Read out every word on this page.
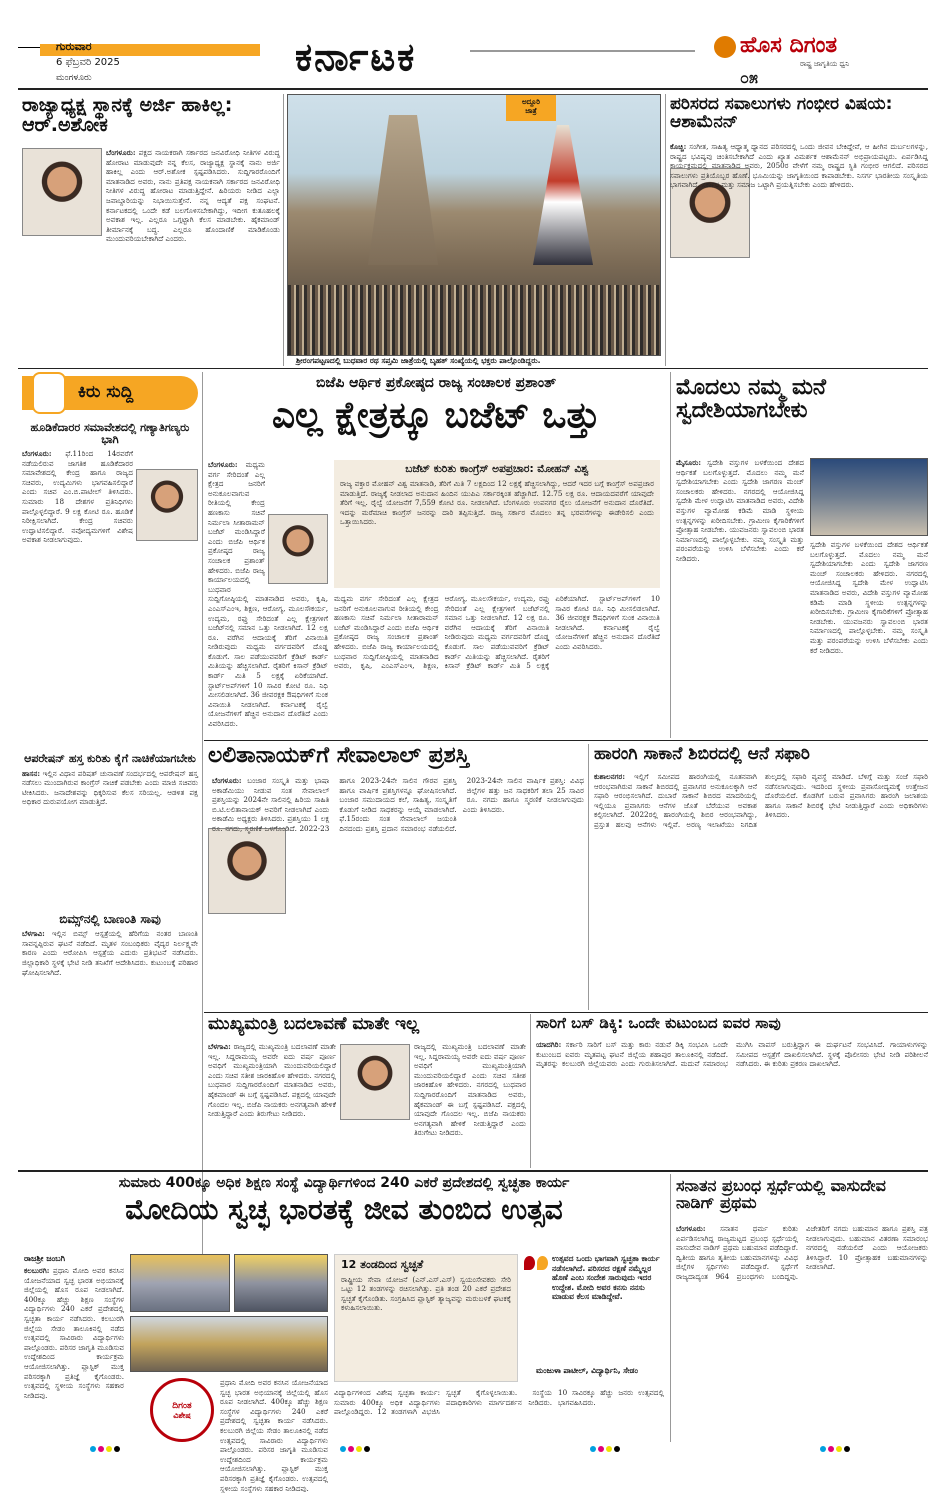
ಗುರುವಾರ
6 ಫೆಬ್ರವರಿ 2025
ಮಂಗಳೂರು	ಕರ್ನಾಟಕ	ಹೊಸ ದಿಗಂತ
ರಾಷ್ಟ್ರ ಜಾಗೃತಿಯ ಧ್ವನಿ
೦೫
ರಾಜ್ಯಾಧ್ಯಕ್ಷ ಸ್ಥಾನಕ್ಕೆ ಅರ್ಜಿ ಹಾಕಿಲ್ಲ: ಆರ್.ಅಶೋಕ
ಬೆಂಗಳೂರು: ಪಕ್ಷದ ನಾಯಕರಾಗಿ ಸರ್ಕಾರದ ಜನವಿರೋಧಿ ನೀತಿಗಳ ವಿರುದ್ಧ ಹೋರಾಟ ಮಾಡುವುದೇ ನನ್ನ ಕೆಲಸ, ರಾಜ್ಯಾಧ್ಯಕ್ಷ ಸ್ಥಾನಕ್ಕೆ ನಾನು ಅರ್ಜಿ ಹಾಕಿಲ್ಲ ಎಂದು ಆರ್.ಅಶೋಕ ಸ್ಪಷ್ಟಪಡಿಸಿದರು. ಸುದ್ದಿಗಾರರೊಂದಿಗೆ ಮಾತನಾಡಿದ ಅವರು, ನಾನು ಪ್ರತಿಪಕ್ಷ ನಾಯಕನಾಗಿ ಸರ್ಕಾರದ ಜನವಿರೋಧಿ ನೀತಿಗಳ ವಿರುದ್ಧ ಹೋರಾಟ ಮಾಡುತ್ತಿದ್ದೇನೆ. ಹಿರಿಯರು ನೀಡಿದ ಎಲ್ಲಾ ಜವಾಬ್ದಾರಿಯನ್ನು ನಿಭಾಯಿಸುತ್ತೇನೆ. ನನ್ನ ಆದ್ಯತೆ ಪಕ್ಷ ಸಂಘಟನೆ. ಕರ್ನಾಟಕದಲ್ಲಿ ಒಂದೇ ಕಡೆ ಬಲಗೊಳಿಸಬೇಕಾಗಿದ್ದು, ಇದೀಗ ಕುತೂಹಲಕ್ಕೆ ಅವಕಾಶ ಇಲ್ಲ. ಎಲ್ಲರೂ ಒಗ್ಗಟ್ಟಾಗಿ ಕೆಲಸ ಮಾಡಬೇಕು. ಹೈಕಮಾಂಡ್ ತೀರ್ಮಾನಕ್ಕೆ ಬದ್ಧ. ಎಲ್ಲರೂ ಹೊಂದಾಣಿಕೆ ಮಾಡಿಕೊಂಡು ಮುಂದುವರಿಯಬೇಕಾಗಿದೆ ಎಂದರು.
ಅದ್ದೂರಿ
ಜಾತ್ರೆ
ಶ್ರೀರಂಗಪಟ್ಟಣದಲ್ಲಿ ಬುಧವಾರ ರಥ ಸಪ್ತಮಿ ಜಾತ್ರೆಯಲ್ಲಿ ಬೃಹತ್ ಸಂಖ್ಯೆಯಲ್ಲಿ ಭಕ್ತರು ಪಾಲ್ಗೊಂಡಿದ್ದರು.
ಪರಿಸರದ ಸವಾಲುಗಳು ಗಂಭೀರ ವಿಷಯ: ಆಶಾಮೆನನ್
ಕೊಚ್ಚಿ: ಸಂಗೀತ, ಸಾಹಿತ್ಯ ಆಧ್ಯಾತ್ಮ ಧ್ಯಾನದ ಪರಿಸರದಲ್ಲಿ ಒಂದು ಜೀವನ ಬೇಕಿದ್ದೇವೆ, ಆ ಹೀಗಿನ ದುರ್ಬಲಗಳನ್ನು, ರಾಷ್ಟ್ರದ ಭವಿಷ್ಯವು ಚಿಂತಿಸಬೇಕಾಗಿದೆ ಎಂದು ಖ್ಯಾತ ವಿಮರ್ಶಕ ಆಶಾಮೆನನ್ ಅಭಿಪ್ರಾಯಪಟ್ಟರು. ಏರ್ಪಡಿಸಿದ್ದ ಕಾರ್ಯಕ್ರಮದಲ್ಲಿ ಮಾತನಾಡಿದ ಅವರು, 2050ರ ವೇಳೆಗೆ ನಮ್ಮ ರಾಷ್ಟ್ರದ ಸ್ಥಿತಿ ಗಂಭೀರ ಆಗಲಿದೆ. ಪರಿಸರದ ಸವಾಲುಗಳು ಪ್ರತಿಯೊಬ್ಬರ ಹೊಣೆ. ಭೂಮಿಯನ್ನು ಜಾಗೃತಿಯಿಂದ ಕಾಪಾಡಬೇಕು. ನಿಸರ್ಗ ಭಾರತೀಯ ಸಂಸ್ಕೃತಿಯ ಭಾಗವಾಗಿದೆ. ಸರ್ಕಾರ ಮತ್ತು ಸಮಾಜ ಒಟ್ಟಾಗಿ ಪ್ರಯತ್ನಿಸಬೇಕು ಎಂದು ಹೇಳಿದರು.
ಕಿರು ಸುದ್ದಿ
ಹೂಡಿಕೆದಾರರ ಸಮಾವೇಶದಲ್ಲಿ ಗಣ್ಯಾತಿಗಣ್ಯರು ಭಾಗಿ
ಬೆಂಗಳೂರು: ಫೆ.11ರಿಂದ 14ರವರೆಗೆ ನಡೆಯಲಿರುವ ಜಾಗತಿಕ ಹೂಡಿಕೆದಾರರ ಸಮಾವೇಶದಲ್ಲಿ ಕೇಂದ್ರ ಹಾಗೂ ರಾಜ್ಯದ ಸಚಿವರು, ಉದ್ಯಮಿಗಳು ಭಾಗವಹಿಸಲಿದ್ದಾರೆ ಎಂದು ಸಚಿವ ಎಂ.ಬಿ.ಪಾಟೀಲ್ ತಿಳಿಸಿದರು. ಸುಮಾರು 18 ದೇಶಗಳ ಪ್ರತಿನಿಧಿಗಳು ಪಾಲ್ಗೊಳ್ಳಲಿದ್ದಾರೆ. 9 ಲಕ್ಷ ಕೋಟಿ ರೂ. ಹೂಡಿಕೆ ನಿರೀಕ್ಷಿಸಲಾಗಿದೆ. ಕೇಂದ್ರ ಸಚಿವರು ಉದ್ಘಾಟಿಸಲಿದ್ದಾರೆ. ನವೋದ್ಯಮಗಳಿಗೆ ವಿಶೇಷ ಅವಕಾಶ ನೀಡಲಾಗುವುದು.
ಆಪರೇಷನ್ ಹಸ್ತ ಕುರಿತು ಕೈಗೆ ನಾಚಿಕೆಯಾಗಬೇಕು
ಹಾಸನ: ಇಲ್ಲಿನ ವಿಧಾನ ಪರಿಷತ್ ಚುನಾವಣೆ ಸಂದರ್ಭದಲ್ಲಿ ಆಪರೇಷನ್ ಹಸ್ತ ನಡೆಸಲು ಮುಂದಾಗಿರುವ ಕಾಂಗ್ರೆಸ್ ನಾಚಿಕೆ ಪಡಬೇಕು ಎಂದು ಮಾಜಿ ಸಚಿವರು ಟೀಕಿಸಿದರು. ಜನಾದೇಶವನ್ನು ಧಿಕ್ಕರಿಸುವ ಕೆಲಸ ಸರಿಯಲ್ಲ. ಆಡಳಿತ ಪಕ್ಷ ಅಧಿಕಾರ ದುರುಪಯೋಗ ಮಾಡುತ್ತಿದೆ.
ಬಿಮ್ಸ್‌ನಲ್ಲಿ ಬಾಣಂತಿ ಸಾವು
ಬೆಳಗಾವಿ: ಇಲ್ಲಿನ ಬಿಮ್ಸ್ ಆಸ್ಪತ್ರೆಯಲ್ಲಿ ಹೆರಿಗೆಯ ನಂತರ ಬಾಣಂತಿ ಸಾವನ್ನಪ್ಪಿರುವ ಘಟನೆ ನಡೆದಿದೆ. ಮೃತಳ ಸಂಬಂಧಿಕರು ವೈದ್ಯರ ನಿರ್ಲಕ್ಷ್ಯವೇ ಕಾರಣ ಎಂದು ಆರೋಪಿಸಿ ಆಸ್ಪತ್ರೆಯ ಎದುರು ಪ್ರತಿಭಟನೆ ನಡೆಸಿದರು. ಜಿಲ್ಲಾಧಿಕಾರಿ ಸ್ಥಳಕ್ಕೆ ಭೇಟಿ ನೀಡಿ ತನಿಖೆಗೆ ಆದೇಶಿಸಿದರು. ಕುಟುಂಬಕ್ಕೆ ಪರಿಹಾರ ಘೋಷಿಸಲಾಗಿದೆ.
ಬಿಜೆಪಿ ಆರ್ಥಿಕ ಪ್ರಕೋಷ್ಠದ ರಾಜ್ಯ ಸಂಚಾಲಕ ಪ್ರಶಾಂತ್
ಎಲ್ಲ ಕ್ಷೇತ್ರಕ್ಕೂ ಬಜೆಟ್ ಒತ್ತು
ಬೆಂಗಳೂರು: ಮಧ್ಯಮ ವರ್ಗ ಸೇರಿದಂತೆ ಎಲ್ಲ ಕ್ಷೇತ್ರದ ಜನರಿಗೆ ಅನುಕೂಲವಾಗುವ ರೀತಿಯಲ್ಲಿ ಕೇಂದ್ರ ಹಣಕಾಸು ಸಚಿವೆ ನಿರ್ಮಲಾ ಸೀತಾರಾಮನ್ ಬಜೆಟ್ ಮಂಡಿಸಿದ್ದಾರೆ ಎಂದು ಬಿಜೆಪಿ ಆರ್ಥಿಕ ಪ್ರಕೋಷ್ಠದ ರಾಜ್ಯ ಸಂಚಾಲಕ ಪ್ರಶಾಂತ್ ಹೇಳಿದರು. ಬಿಜೆಪಿ ರಾಜ್ಯ ಕಾರ್ಯಾಲಯದಲ್ಲಿ ಬುಧವಾರ ಸುದ್ದಿಗೋಷ್ಠಿಯಲ್ಲಿ ಮಾತನಾಡಿದ ಅವರು, ಕೃಷಿ, ಎಂಎಸ್‌ಎಂಇ, ಶಿಕ್ಷಣ, ಆರೋಗ್ಯ, ಮೂಲಸೌಕರ್ಯ, ಉದ್ಯಮ, ರಫ್ತು ಸೇರಿದಂತೆ ಎಲ್ಲ ಕ್ಷೇತ್ರಗಳಿಗೆ ಬಜೆಟ್‌ನಲ್ಲಿ ಸಮಾನ ಒತ್ತು ನೀಡಲಾಗಿದೆ. 12 ಲಕ್ಷ ರೂ. ವರೆಗಿನ ಆದಾಯಕ್ಕೆ ತೆರಿಗೆ ವಿನಾಯಿತಿ ನೀಡಿರುವುದು ಮಧ್ಯಮ ವರ್ಗದವರಿಗೆ ದೊಡ್ಡ ಕೊಡುಗೆ. ಸಾಲ ಪಡೆಯುವವರಿಗೆ ಕ್ರೆಡಿಟ್ ಕಾರ್ಡ್ ಮಿತಿಯನ್ನು ಹೆಚ್ಚಿಸಲಾಗಿದೆ. ರೈತರಿಗೆ ಕಿಸಾನ್ ಕ್ರೆಡಿಟ್ ಕಾರ್ಡ್ ಮಿತಿ 5 ಲಕ್ಷಕ್ಕೆ ಏರಿಕೆಯಾಗಿದೆ. ಸ್ಟಾರ್ಟ್‌ಅಪ್‌ಗಳಿಗೆ 10 ಸಾವಿರ ಕೋಟಿ ರೂ. ನಿಧಿ ಮೀಸಲಿಡಲಾಗಿದೆ. 36 ಜೀವರಕ್ಷಕ ಔಷಧಿಗಳಿಗೆ ಸುಂಕ ವಿನಾಯಿತಿ ನೀಡಲಾಗಿದೆ. ಕರ್ನಾಟಕಕ್ಕೆ ರೈಲ್ವೆ ಯೋಜನೆಗಳಿಗೆ ಹೆಚ್ಚಿನ ಅನುದಾನ ದೊರೆತಿದೆ ಎಂದು ವಿವರಿಸಿದರು.
ಬಜೆಟ್ ಕುರಿತು ಕಾಂಗ್ರೆಸ್ ಅಪಪ್ರಚಾರ: ಮೋಹನ್ ವಿಶ್ವ
ರಾಜ್ಯ ವಕ್ತಾರ ಮೋಹನ್ ವಿಶ್ವ ಮಾತನಾಡಿ, ತೆರಿಗೆ ಮಿತಿ 7 ಲಕ್ಷದಿಂದ 12 ಲಕ್ಷಕ್ಕೆ ಹೆಚ್ಚಿಸಲಾಗಿದ್ದು, ಆದರೆ ಇದರ ಬಗ್ಗೆ ಕಾಂಗ್ರೆಸ್ ಅಪಪ್ರಚಾರ ಮಾಡುತ್ತಿದೆ. ರಾಜ್ಯಕ್ಕೆ ನೀಡಲಾದ ಅನುದಾನ ಹಿಂದಿನ ಯುಪಿಎ ಸರ್ಕಾರಕ್ಕಿಂತ ಹೆಚ್ಚಾಗಿದೆ. 12.75 ಲಕ್ಷ ರೂ. ಆದಾಯದವರೆಗೆ ಯಾವುದೇ ತೆರಿಗೆ ಇಲ್ಲ. ರೈಲ್ವೆ ಯೋಜನೆಗೆ 7,559 ಕೋಟಿ ರೂ. ನೀಡಲಾಗಿದೆ. ಬೆಂಗಳೂರು ಉಪನಗರ ರೈಲು ಯೋಜನೆಗೆ ಅನುದಾನ ದೊರೆತಿದೆ. ಇದನ್ನು ಮರೆಮಾಚಿ ಕಾಂಗ್ರೆಸ್ ಜನರನ್ನು ದಾರಿ ತಪ್ಪಿಸುತ್ತಿದೆ. ರಾಜ್ಯ ಸರ್ಕಾರ ಮೊದಲು ತನ್ನ ಭರವಸೆಗಳನ್ನು ಈಡೇರಿಸಲಿ ಎಂದು ಒತ್ತಾಯಿಸಿದರು.
ಮಧ್ಯಮ ವರ್ಗ ಸೇರಿದಂತೆ ಎಲ್ಲ ಕ್ಷೇತ್ರದ ಜನರಿಗೆ ಅನುಕೂಲವಾಗುವ ರೀತಿಯಲ್ಲಿ ಕೇಂದ್ರ ಹಣಕಾಸು ಸಚಿವೆ ನಿರ್ಮಲಾ ಸೀತಾರಾಮನ್ ಬಜೆಟ್ ಮಂಡಿಸಿದ್ದಾರೆ ಎಂದು ಬಿಜೆಪಿ ಆರ್ಥಿಕ ಪ್ರಕೋಷ್ಠದ ರಾಜ್ಯ ಸಂಚಾಲಕ ಪ್ರಶಾಂತ್ ಹೇಳಿದರು. ಬಿಜೆಪಿ ರಾಜ್ಯ ಕಾರ್ಯಾಲಯದಲ್ಲಿ ಬುಧವಾರ ಸುದ್ದಿಗೋಷ್ಠಿಯಲ್ಲಿ ಮಾತನಾಡಿದ ಅವರು, ಕೃಷಿ, ಎಂಎಸ್‌ಎಂಇ, ಶಿಕ್ಷಣ, ಆರೋಗ್ಯ, ಮೂಲಸೌಕರ್ಯ, ಉದ್ಯಮ, ರಫ್ತು ಸೇರಿದಂತೆ ಎಲ್ಲ ಕ್ಷೇತ್ರಗಳಿಗೆ ಬಜೆಟ್‌ನಲ್ಲಿ ಸಮಾನ ಒತ್ತು ನೀಡಲಾಗಿದೆ. 12 ಲಕ್ಷ ರೂ. ವರೆಗಿನ ಆದಾಯಕ್ಕೆ ತೆರಿಗೆ ವಿನಾಯಿತಿ ನೀಡಿರುವುದು ಮಧ್ಯಮ ವರ್ಗದವರಿಗೆ ದೊಡ್ಡ ಕೊಡುಗೆ. ಸಾಲ ಪಡೆಯುವವರಿಗೆ ಕ್ರೆಡಿಟ್ ಕಾರ್ಡ್ ಮಿತಿಯನ್ನು ಹೆಚ್ಚಿಸಲಾಗಿದೆ. ರೈತರಿಗೆ ಕಿಸಾನ್ ಕ್ರೆಡಿಟ್ ಕಾರ್ಡ್ ಮಿತಿ 5 ಲಕ್ಷಕ್ಕೆ ಏರಿಕೆಯಾಗಿದೆ. ಸ್ಟಾರ್ಟ್‌ಅಪ್‌ಗಳಿಗೆ 10 ಸಾವಿರ ಕೋಟಿ ರೂ. ನಿಧಿ ಮೀಸಲಿಡಲಾಗಿದೆ. 36 ಜೀವರಕ್ಷಕ ಔಷಧಿಗಳಿಗೆ ಸುಂಕ ವಿನಾಯಿತಿ ನೀಡಲಾಗಿದೆ. ಕರ್ನಾಟಕಕ್ಕೆ ರೈಲ್ವೆ ಯೋಜನೆಗಳಿಗೆ ಹೆಚ್ಚಿನ ಅನುದಾನ ದೊರೆತಿದೆ ಎಂದು ವಿವರಿಸಿದರು.
ಮೊದಲು ನಮ್ಮ ಮನೆ ಸ್ವದೇಶಿಯಾಗಬೇಕು
ಮೈಸೂರು: ಸ್ವದೇಶಿ ವಸ್ತುಗಳ ಬಳಕೆಯಿಂದ ದೇಶದ ಆರ್ಥಿಕತೆ ಬಲಗೊಳ್ಳುತ್ತದೆ. ಮೊದಲು ನಮ್ಮ ಮನೆ ಸ್ವದೇಶಿಯಾಗಬೇಕು ಎಂದು ಸ್ವದೇಶಿ ಜಾಗರಣ ಮಂಚ್ ಸಂಚಾಲಕರು ಹೇಳಿದರು. ನಗರದಲ್ಲಿ ಆಯೋಜಿಸಿದ್ದ ಸ್ವದೇಶಿ ಮೇಳ ಉದ್ಘಾಟಿಸಿ ಮಾತನಾಡಿದ ಅವರು, ವಿದೇಶಿ ವಸ್ತುಗಳ ವ್ಯಾಮೋಹ ಕಡಿಮೆ ಮಾಡಿ ಸ್ಥಳೀಯ ಉತ್ಪನ್ನಗಳನ್ನು ಖರೀದಿಸಬೇಕು. ಗ್ರಾಮೀಣ ಕೈಗಾರಿಕೆಗಳಿಗೆ ಪ್ರೋತ್ಸಾಹ ನೀಡಬೇಕು. ಯುವಜನರು ಸ್ವಾವಲಂಬಿ ಭಾರತ ನಿರ್ಮಾಣದಲ್ಲಿ ಪಾಲ್ಗೊಳ್ಳಬೇಕು. ನಮ್ಮ ಸಂಸ್ಕೃತಿ ಮತ್ತು ಪರಂಪರೆಯನ್ನು ಉಳಿಸಿ ಬೆಳೆಸಬೇಕು ಎಂದು ಕರೆ ನೀಡಿದರು.
ಸ್ವದೇಶಿ ವಸ್ತುಗಳ ಬಳಕೆಯಿಂದ ದೇಶದ ಆರ್ಥಿಕತೆ ಬಲಗೊಳ್ಳುತ್ತದೆ. ಮೊದಲು ನಮ್ಮ ಮನೆ ಸ್ವದೇಶಿಯಾಗಬೇಕು ಎಂದು ಸ್ವದೇಶಿ ಜಾಗರಣ ಮಂಚ್ ಸಂಚಾಲಕರು ಹೇಳಿದರು. ನಗರದಲ್ಲಿ ಆಯೋಜಿಸಿದ್ದ ಸ್ವದೇಶಿ ಮೇಳ ಉದ್ಘಾಟಿಸಿ ಮಾತನಾಡಿದ ಅವರು, ವಿದೇಶಿ ವಸ್ತುಗಳ ವ್ಯಾಮೋಹ ಕಡಿಮೆ ಮಾಡಿ ಸ್ಥಳೀಯ ಉತ್ಪನ್ನಗಳನ್ನು ಖರೀದಿಸಬೇಕು. ಗ್ರಾಮೀಣ ಕೈಗಾರಿಕೆಗಳಿಗೆ ಪ್ರೋತ್ಸಾಹ ನೀಡಬೇಕು. ಯುವಜನರು ಸ್ವಾವಲಂಬಿ ಭಾರತ ನಿರ್ಮಾಣದಲ್ಲಿ ಪಾಲ್ಗೊಳ್ಳಬೇಕು. ನಮ್ಮ ಸಂಸ್ಕೃತಿ ಮತ್ತು ಪರಂಪರೆಯನ್ನು ಉಳಿಸಿ ಬೆಳೆಸಬೇಕು ಎಂದು ಕರೆ ನೀಡಿದರು.
ಲಲಿತಾನಾಯಕ್‌ಗೆ ಸೇವಾಲಾಲ್ ಪ್ರಶಸ್ತಿ
ಬೆಂಗಳೂರು: ಬಂಜಾರ ಸಂಸ್ಕೃತಿ ಮತ್ತು ಭಾಷಾ ಅಕಾಡೆಮಿಯು ನೀಡುವ ಸಂತ ಸೇವಾಲಾಲ್ ಪ್ರಶಸ್ತಿಯನ್ನು 2024ನೇ ಸಾಲಿನಲ್ಲಿ ಹಿರಿಯ ಸಾಹಿತಿ ಬಿ.ಟಿ.ಲಲಿತಾನಾಯಕ್ ಅವರಿಗೆ ನೀಡಲಾಗಿದೆ ಎಂದು ಅಕಾಡೆಮಿ ಅಧ್ಯಕ್ಷರು ತಿಳಿಸಿದರು. ಪ್ರಶಸ್ತಿಯು 1 ಲಕ್ಷ ರೂ. ನಗದು, ಸ್ಮರಣಿಕೆ ಒಳಗೊಂಡಿದೆ. 2022-23 ಹಾಗೂ 2023-24ನೇ ಸಾಲಿನ ಗೌರವ ಪ್ರಶಸ್ತಿ ಹಾಗೂ ವಾರ್ಷಿಕ ಪ್ರಶಸ್ತಿಗಳನ್ನೂ ಘೋಷಿಸಲಾಗಿದೆ. ಬಂಜಾರ ಸಮುದಾಯದ ಕಲೆ, ಸಾಹಿತ್ಯ, ಸಂಸ್ಕೃತಿಗೆ ಕೊಡುಗೆ ನೀಡಿದ ಸಾಧಕರನ್ನು ಆಯ್ಕೆ ಮಾಡಲಾಗಿದೆ. ಫೆ.15ರಂದು ಸಂತ ಸೇವಾಲಾಲ್ ಜಯಂತಿ ದಿನದಂದು ಪ್ರಶಸ್ತಿ ಪ್ರದಾನ ಸಮಾರಂಭ ನಡೆಯಲಿದೆ. 2023-24ನೇ ಸಾಲಿನ ವಾರ್ಷಿಕ ಪ್ರಶಸ್ತಿ: ವಿವಿಧ ಜಿಲ್ಲೆಗಳ ಹತ್ತು ಜನ ಸಾಧಕರಿಗೆ ತಲಾ 25 ಸಾವಿರ ರೂ. ನಗದು ಹಾಗೂ ಸ್ಮರಣಿಕೆ ನೀಡಲಾಗುವುದು ಎಂದು ತಿಳಿಸಿದರು.
ಹಾರಂಗಿ ಸಾಕಾನೆ ಶಿಬಿರದಲ್ಲಿ ಆನೆ ಸಫಾರಿ
ಕುಶಾಲನಗರ: ಇಲ್ಲಿಗೆ ಸಮೀಪದ ಹಾರಂಗಿಯಲ್ಲಿ ನೂತನವಾಗಿ ಆರಂಭವಾಗಿರುವ ಸಾಕಾನೆ ಶಿಬಿರದಲ್ಲಿ ಪ್ರವಾಸಿಗರ ಅನುಕೂಲಕ್ಕಾಗಿ ಆನೆ ಸಫಾರಿ ಆರಂಭಿಸಲಾಗಿದೆ. ದುಬಾರೆ ಸಾಕಾನೆ ಶಿಬಿರದ ಮಾದರಿಯಲ್ಲಿ ಇಲ್ಲಿಯೂ ಪ್ರವಾಸಿಗರು ಆನೆಗಳ ಜೊತೆ ಬೆರೆಯುವ ಅವಕಾಶ ಕಲ್ಪಿಸಲಾಗಿದೆ. 2022ರಲ್ಲಿ ಹಾರಂಗಿಯಲ್ಲಿ ಶಿಬಿರ ಆರಂಭವಾಗಿದ್ದು, ಪ್ರಸ್ತುತ ಹಲವು ಆನೆಗಳು ಇಲ್ಲಿವೆ. ಅರಣ್ಯ ಇಲಾಖೆಯು ನಿಗದಿತ ಶುಲ್ಕದಲ್ಲಿ ಸಫಾರಿ ವ್ಯವಸ್ಥೆ ಮಾಡಿದೆ. ಬೆಳಿಗ್ಗೆ ಮತ್ತು ಸಂಜೆ ಸಫಾರಿ ನಡೆಸಲಾಗುವುದು. ಇದರಿಂದ ಸ್ಥಳೀಯ ಪ್ರವಾಸೋದ್ಯಮಕ್ಕೆ ಉತ್ತೇಜನ ದೊರೆಯಲಿದೆ. ಕೊಡಗಿಗೆ ಬರುವ ಪ್ರವಾಸಿಗರು ಹಾರಂಗಿ ಜಲಾಶಯ ಹಾಗೂ ಸಾಕಾನೆ ಶಿಬಿರಕ್ಕೆ ಭೇಟಿ ನೀಡುತ್ತಿದ್ದಾರೆ ಎಂದು ಅಧಿಕಾರಿಗಳು ತಿಳಿಸಿದರು.
ಮುಖ್ಯಮಂತ್ರಿ ಬದಲಾವಣೆ ಮಾತೇ ಇಲ್ಲ
ಬೆಳಗಾವಿ: ರಾಜ್ಯದಲ್ಲಿ ಮುಖ್ಯಮಂತ್ರಿ ಬದಲಾವಣೆ ಮಾತೇ ಇಲ್ಲ. ಸಿದ್ದರಾಮಯ್ಯ ಅವರೇ ಐದು ವರ್ಷ ಪೂರ್ಣ ಅವಧಿಗೆ ಮುಖ್ಯಮಂತ್ರಿಯಾಗಿ ಮುಂದುವರಿಯಲಿದ್ದಾರೆ ಎಂದು ಸಚಿವ ಸತೀಶ ಜಾರಕಿಹೊಳಿ ಹೇಳಿದರು. ನಗರದಲ್ಲಿ ಬುಧವಾರ ಸುದ್ದಿಗಾರರೊಂದಿಗೆ ಮಾತನಾಡಿದ ಅವರು, ಹೈಕಮಾಂಡ್ ಈ ಬಗ್ಗೆ ಸ್ಪಷ್ಟಪಡಿಸಿದೆ. ಪಕ್ಷದಲ್ಲಿ ಯಾವುದೇ ಗೊಂದಲ ಇಲ್ಲ. ಬಿಜೆಪಿ ನಾಯಕರು ಅನಗತ್ಯವಾಗಿ ಹೇಳಿಕೆ ನೀಡುತ್ತಿದ್ದಾರೆ ಎಂದು ತಿರುಗೇಟು ನೀಡಿದರು.
ರಾಜ್ಯದಲ್ಲಿ ಮುಖ್ಯಮಂತ್ರಿ ಬದಲಾವಣೆ ಮಾತೇ ಇಲ್ಲ. ಸಿದ್ದರಾಮಯ್ಯ ಅವರೇ ಐದು ವರ್ಷ ಪೂರ್ಣ ಅವಧಿಗೆ ಮುಖ್ಯಮಂತ್ರಿಯಾಗಿ ಮುಂದುವರಿಯಲಿದ್ದಾರೆ ಎಂದು ಸಚಿವ ಸತೀಶ ಜಾರಕಿಹೊಳಿ ಹೇಳಿದರು. ನಗರದಲ್ಲಿ ಬುಧವಾರ ಸುದ್ದಿಗಾರರೊಂದಿಗೆ ಮಾತನಾಡಿದ ಅವರು, ಹೈಕಮಾಂಡ್ ಈ ಬಗ್ಗೆ ಸ್ಪಷ್ಟಪಡಿಸಿದೆ. ಪಕ್ಷದಲ್ಲಿ ಯಾವುದೇ ಗೊಂದಲ ಇಲ್ಲ. ಬಿಜೆಪಿ ನಾಯಕರು ಅನಗತ್ಯವಾಗಿ ಹೇಳಿಕೆ ನೀಡುತ್ತಿದ್ದಾರೆ ಎಂದು ತಿರುಗೇಟು ನೀಡಿದರು.
ಸಾರಿಗೆ ಬಸ್ ಡಿಕ್ಕಿ: ಒಂದೇ ಕುಟುಂಬದ ಐವರ ಸಾವು
ಯಾದಗಿರಿ: ಸರ್ಕಾರಿ ಸಾರಿಗೆ ಬಸ್ ಮತ್ತು ಕಾರು ನಡುವೆ ಡಿಕ್ಕಿ ಸಂಭವಿಸಿ ಒಂದೇ ಕುಟುಂಬದ ಐವರು ಮೃತಪಟ್ಟ ಘಟನೆ ಜಿಲ್ಲೆಯ ಶಹಾಪುರ ತಾಲೂಕಿನಲ್ಲಿ ನಡೆದಿದೆ. ಮೃತರನ್ನು ಕಲಬುರಗಿ ಜಿಲ್ಲೆಯವರು ಎಂದು ಗುರುತಿಸಲಾಗಿದೆ. ಮದುವೆ ಸಮಾರಂಭ ಮುಗಿಸಿ ವಾಪಸ್ ಬರುತ್ತಿದ್ದಾಗ ಈ ದುರ್ಘಟನೆ ಸಂಭವಿಸಿದೆ. ಗಾಯಾಳುಗಳನ್ನು ಸಮೀಪದ ಆಸ್ಪತ್ರೆಗೆ ದಾಖಲಿಸಲಾಗಿದೆ. ಸ್ಥಳಕ್ಕೆ ಪೊಲೀಸರು ಭೇಟಿ ನೀಡಿ ಪರಿಶೀಲನೆ ನಡೆಸಿದರು. ಈ ಕುರಿತು ಪ್ರಕರಣ ದಾಖಲಾಗಿದೆ.
ಸುಮಾರು 400ಕ್ಕೂ ಅಧಿಕ ಶಿಕ್ಷಣ ಸಂಸ್ಥೆ ವಿದ್ಯಾರ್ಥಿಗಳಿಂದ 240 ಎಕರೆ ಪ್ರದೇಶದಲ್ಲಿ ಸ್ವಚ್ಛತಾ ಕಾರ್ಯ
ಮೋದಿಯ ಸ್ವಚ್ಛ ಭಾರತಕ್ಕೆ ಜೀವ ತುಂಬಿದ ಉತ್ಸವ
ರಾಜಶ್ರೀ ಜಂಬಗಿ
ಕಲಬುರಗಿ: ಪ್ರಧಾನಿ ಮೋದಿ ಅವರ ಕನಸಿನ ಯೋಜನೆಯಾದ ಸ್ವಚ್ಛ ಭಾರತ ಅಭಿಯಾನಕ್ಕೆ ಜಿಲ್ಲೆಯಲ್ಲಿ ಹೊಸ ರೂಪ ನೀಡಲಾಗಿದೆ. 400ಕ್ಕೂ ಹೆಚ್ಚು ಶಿಕ್ಷಣ ಸಂಸ್ಥೆಗಳ ವಿದ್ಯಾರ್ಥಿಗಳು 240 ಎಕರೆ ಪ್ರದೇಶದಲ್ಲಿ ಸ್ವಚ್ಛತಾ ಕಾರ್ಯ ನಡೆಸಿದರು. ಕಲಬುರಗಿ ಜಿಲ್ಲೆಯ ಸೇಡಂ ತಾಲೂಕಿನಲ್ಲಿ ನಡೆದ ಉತ್ಸವದಲ್ಲಿ ಸಾವಿರಾರು ವಿದ್ಯಾರ್ಥಿಗಳು ಪಾಲ್ಗೊಂಡರು. ಪರಿಸರ ಜಾಗೃತಿ ಮೂಡಿಸುವ ಉದ್ದೇಶದಿಂದ ಕಾರ್ಯಕ್ರಮ ಆಯೋಜಿಸಲಾಗಿತ್ತು. ಪ್ಲಾಸ್ಟಿಕ್ ಮುಕ್ತ ಪರಿಸರಕ್ಕಾಗಿ ಪ್ರತಿಜ್ಞೆ ಕೈಗೊಂಡರು. ಉತ್ಸವದಲ್ಲಿ ಸ್ಥಳೀಯ ಸಂಸ್ಥೆಗಳು ಸಹಕಾರ ನೀಡಿದವು.
ದಿಗಂತ
ವಿಶೇಷ
ಪ್ರಧಾನಿ ಮೋದಿ ಅವರ ಕನಸಿನ ಯೋಜನೆಯಾದ ಸ್ವಚ್ಛ ಭಾರತ ಅಭಿಯಾನಕ್ಕೆ ಜಿಲ್ಲೆಯಲ್ಲಿ ಹೊಸ ರೂಪ ನೀಡಲಾಗಿದೆ. 400ಕ್ಕೂ ಹೆಚ್ಚು ಶಿಕ್ಷಣ ಸಂಸ್ಥೆಗಳ ವಿದ್ಯಾರ್ಥಿಗಳು 240 ಎಕರೆ ಪ್ರದೇಶದಲ್ಲಿ ಸ್ವಚ್ಛತಾ ಕಾರ್ಯ ನಡೆಸಿದರು. ಕಲಬುರಗಿ ಜಿಲ್ಲೆಯ ಸೇಡಂ ತಾಲೂಕಿನಲ್ಲಿ ನಡೆದ ಉತ್ಸವದಲ್ಲಿ ಸಾವಿರಾರು ವಿದ್ಯಾರ್ಥಿಗಳು ಪಾಲ್ಗೊಂಡರು. ಪರಿಸರ ಜಾಗೃತಿ ಮೂಡಿಸುವ ಉದ್ದೇಶದಿಂದ ಕಾರ್ಯಕ್ರಮ ಆಯೋಜಿಸಲಾಗಿತ್ತು. ಪ್ಲಾಸ್ಟಿಕ್ ಮುಕ್ತ ಪರಿಸರಕ್ಕಾಗಿ ಪ್ರತಿಜ್ಞೆ ಕೈಗೊಂಡರು. ಉತ್ಸವದಲ್ಲಿ ಸ್ಥಳೀಯ ಸಂಸ್ಥೆಗಳು ಸಹಕಾರ ನೀಡಿದವು.
12 ತಂಡದಿಂದ ಸ್ವಚ್ಛತೆ
ರಾಷ್ಟ್ರೀಯ ಸೇವಾ ಯೋಜನೆ (ಎನ್.ಎಸ್.ಎಸ್) ಸ್ವಯಂಸೇವಕರು ಸೇರಿ ಒಟ್ಟು 12 ತಂಡಗಳನ್ನು ರಚಿಸಲಾಗಿತ್ತು. ಪ್ರತಿ ತಂಡ 20 ಎಕರೆ ಪ್ರದೇಶದ ಸ್ವಚ್ಛತೆ ಕೈಗೊಂಡಿತು. ಸಂಗ್ರಹಿಸಿದ ಪ್ಲಾಸ್ಟಿಕ್ ತ್ಯಾಜ್ಯವನ್ನು ಮರುಬಳಕೆ ಘಟಕಕ್ಕೆ ಕಳುಹಿಸಲಾಯಿತು.
ಉತ್ಸವದ ಒಂದು ಭಾಗವಾಗಿ ಸ್ವಚ್ಛತಾ ಕಾರ್ಯ ನಡೆಸಲಾಗಿದೆ. ಪರಿಸರದ ರಕ್ಷಣೆ ನಮ್ಮೆಲ್ಲರ ಹೊಣೆ ಎಂಬ ಸಂದೇಶ ಸಾರುವುದು ಇದರ ಉದ್ದೇಶ. ಮೋದಿ ಅವರ ಕನಸು ನನಸು ಮಾಡುವ ಕೆಲಸ ಮಾಡಿದ್ದೇವೆ.
ಮಂಜುಳಾ ಪಾಟೀಲ್, ವಿದ್ಯಾರ್ಥಿನಿ, ಸೇಡಂ
ವಿದ್ಯಾರ್ಥಿಗಳಿಂದ ವಿಶೇಷ ಸ್ವಚ್ಛತಾ ಕಾರ್ಯ: ಸುಮಾರು 400ಕ್ಕೂ ಅಧಿಕ ವಿದ್ಯಾರ್ಥಿಗಳು ಪಾಲ್ಗೊಂಡಿದ್ದರು. 12 ತಂಡಗಳಾಗಿ ವಿಭಜಿಸಿ ಸ್ವಚ್ಛತೆ ಕೈಗೊಳ್ಳಲಾಯಿತು. ಸಂಸ್ಥೆಯ ಪದಾಧಿಕಾರಿಗಳು ಮಾರ್ಗದರ್ಶನ ನೀಡಿದರು. 10 ಸಾವಿರಕ್ಕೂ ಹೆಚ್ಚು ಜನರು ಉತ್ಸವದಲ್ಲಿ ಭಾಗವಹಿಸಿದರು.
ಸನಾತನ ಪ್ರಬಂಧ ಸ್ಪರ್ಧೆಯಲ್ಲಿ ವಾಸುದೇವ ನಾಡಿಗ್ ಪ್ರಥಮ
ಬೆಂಗಳೂರು: ಸನಾತನ ಧರ್ಮ ಕುರಿತು ಏರ್ಪಡಿಸಲಾಗಿದ್ದ ರಾಜ್ಯಮಟ್ಟದ ಪ್ರಬಂಧ ಸ್ಪರ್ಧೆಯಲ್ಲಿ ವಾಸುದೇವ ನಾಡಿಗ್ ಪ್ರಥಮ ಬಹುಮಾನ ಪಡೆದಿದ್ದಾರೆ. ದ್ವಿತೀಯ ಹಾಗೂ ತೃತೀಯ ಬಹುಮಾನಗಳನ್ನು ವಿವಿಧ ಜಿಲ್ಲೆಗಳ ಸ್ಪರ್ಧಿಗಳು ಪಡೆದಿದ್ದಾರೆ. ಸ್ಪರ್ಧೆಗೆ ರಾಜ್ಯದಾದ್ಯಂತ 964 ಪ್ರಬಂಧಗಳು ಬಂದಿದ್ದವು. ವಿಜೇತರಿಗೆ ನಗದು ಬಹುಮಾನ ಹಾಗೂ ಪ್ರಶಸ್ತಿ ಪತ್ರ ನೀಡಲಾಗುವುದು. ಬಹುಮಾನ ವಿತರಣಾ ಸಮಾರಂಭ ನಗರದಲ್ಲಿ ನಡೆಯಲಿದೆ ಎಂದು ಆಯೋಜಕರು ತಿಳಿಸಿದ್ದಾರೆ. 10 ಪ್ರೋತ್ಸಾಹಕ ಬಹುಮಾನಗಳನ್ನು ನೀಡಲಾಗಿದೆ.
